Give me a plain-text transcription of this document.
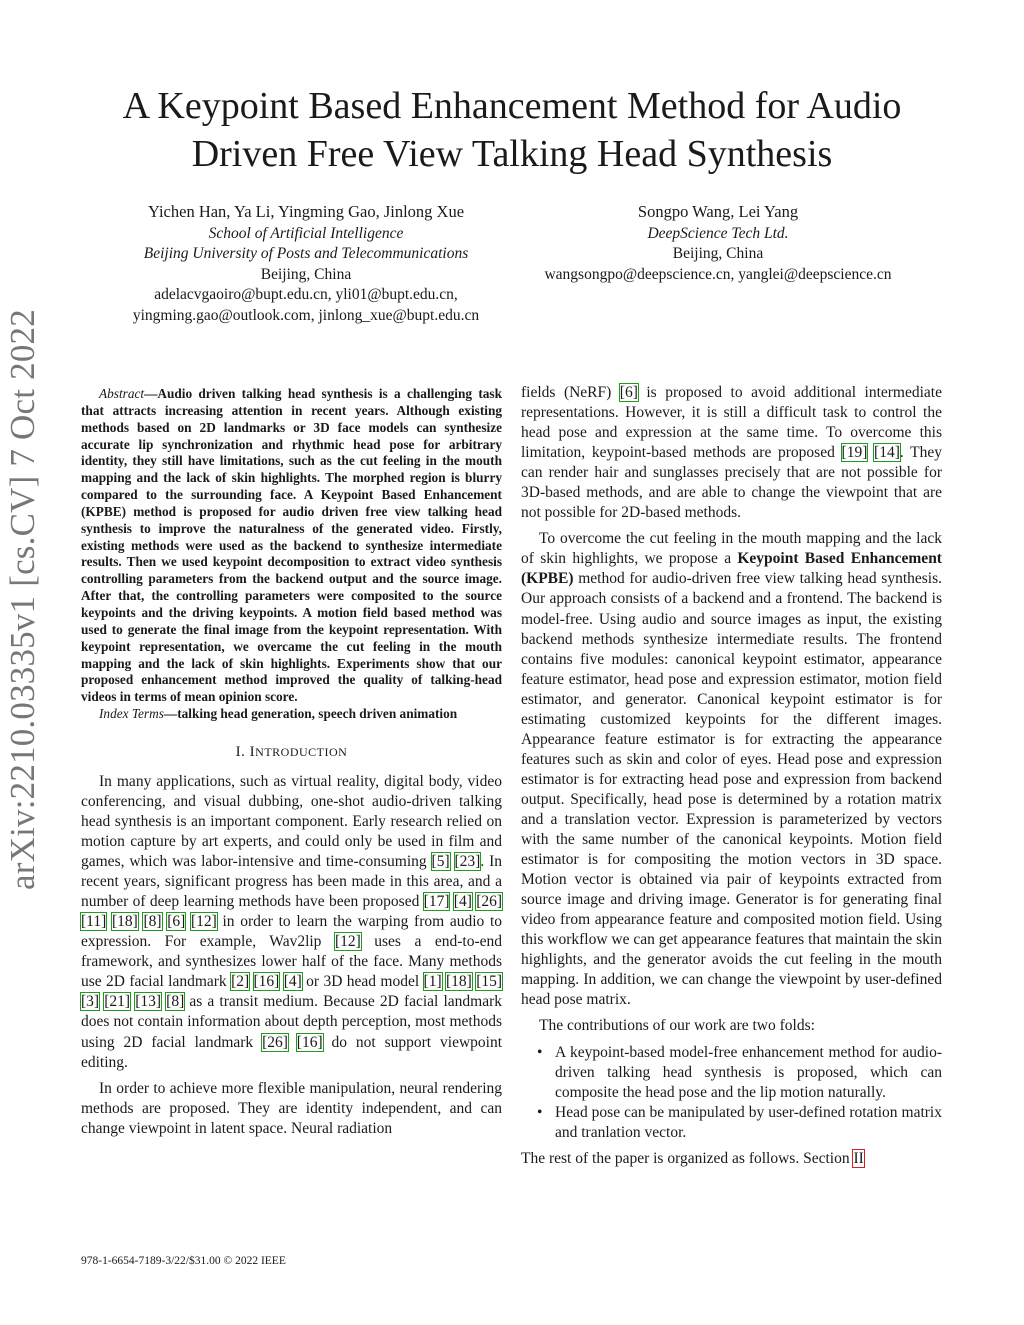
A Keypoint Based Enhancement Method for Audio
Driven Free View Talking Head Synthesis
Yichen Han, Ya Li, Yingming Gao, Jinlong Xue
School of Artificial Intelligence
Beijing University of Posts and Telecommunications
Beijing, China
adelacvgaoiro@bupt.edu.cn, yli01@bupt.edu.cn,
yingming.gao@outlook.com, jinlong_xue@bupt.edu.cn
Songpo Wang, Lei Yang
DeepScience Tech Ltd.
Beijing, China
wangsongpo@deepscience.cn, yanglei@deepscience.cn
arXiv:2210.03335v1 [cs.CV] 7 Oct 2022	Abstract—Audio driven talking head synthesis is a challenging task that attracts increasing attention in recent years. Although existing methods based on 2D landmarks or 3D face models can synthesize accurate lip synchronization and rhythmic head pose for arbitrary identity, they still have limitations, such as the cut feeling in the mouth mapping and the lack of skin highlights. The morphed region is blurry compared to the surrounding face. A Keypoint Based Enhancement (KPBE) method is proposed for audio driven free view talking head synthesis to improve the naturalness of the generated video. Firstly, existing methods were used as the backend to synthesize intermediate results. Then we used keypoint decomposition to extract video synthesis controlling parameters from the backend output and the source image. After that, the controlling parameters were composited to the source keypoints and the driving keypoints. A motion field based method was used to generate the final image from the keypoint representation. With keypoint representation, we overcame the cut feeling in the mouth mapping and the lack of skin highlights. Experiments show that our proposed enhancement method improved the quality of talking-head videos in terms of mean opinion score.

Index Terms—talking head generation, speech driven animation

I. INTRODUCTION

In many applications, such as virtual reality, digital body, video conferencing, and visual dubbing, one-shot audio-driven talking head synthesis is an important component. Early research relied on motion capture by art experts, and could only be used in film and games, which was labor-intensive and time-consuming [5] [23]. In recent years, significant progress has been made in this area, and a number of deep learning methods have been proposed [17] [4] [26] [11] [18] [8] [6] [12] in order to learn the warping from audio to expression. For example, Wav2lip [12] uses a end-to-end framework, and synthesizes lower half of the face. Many methods use 2D facial landmark [2] [16] [4] or 3D head model [1] [18] [15] [3] [21] [13] [8] as a transit medium. Because 2D facial landmark does not contain information about depth perception, most methods using 2D facial landmark [26] [16] do not support viewpoint editing.

In order to achieve more flexible manipulation, neural rendering methods are proposed. They are identity independent, and can change viewpoint in latent space. Neural radiation

fields (NeRF) [6] is proposed to avoid additional intermediate representations. However, it is still a difficult task to control the head pose and expression at the same time. To overcome this limitation, keypoint-based methods are proposed [19] [14]. They can render hair and sunglasses precisely that are not possible for 3D-based methods, and are able to change the viewpoint that are not possible for 2D-based methods.

To overcome the cut feeling in the mouth mapping and the lack of skin highlights, we propose a Keypoint Based Enhancement (KPBE) method for audio-driven free view talking head synthesis. Our approach consists of a backend and a frontend. The backend is model-free. Using audio and source images as input, the existing backend methods synthesize intermediate results. The frontend contains five modules: canonical keypoint estimator, appearance feature estimator, head pose and expression estimator, motion field estimator, and generator. Canonical keypoint estimator is for estimating customized keypoints for the different images. Appearance feature estimator is for extracting the appearance features such as skin and color of eyes. Head pose and expression estimator is for extracting head pose and expression from backend output. Specifically, head pose is determined by a rotation matrix and a translation vector. Expression is parameterized by vectors with the same number of the canonical keypoints. Motion field estimator is for compositing the motion vectors in 3D space. Motion vector is obtained via pair of keypoints extracted from source image and driving image. Generator is for generating final video from appearance feature and composited motion field. Using this workflow we can get appearance features that maintain the skin highlights, and the generator avoids the cut feeling in the mouth mapping. In addition, we can change the viewpoint by user-defined head pose matrix.

The contributions of our work are two folds:

• A keypoint-based model-free enhancement method for audio-driven talking head synthesis is proposed, which can composite the head pose and the lip motion naturally.
• Head pose can be manipulated by user-defined rotation matrix and tranlation vector.

The rest of the paper is organized as follows. Section II

978-1-6654-7189-3/22/$31.00 © 2022 IEEE
